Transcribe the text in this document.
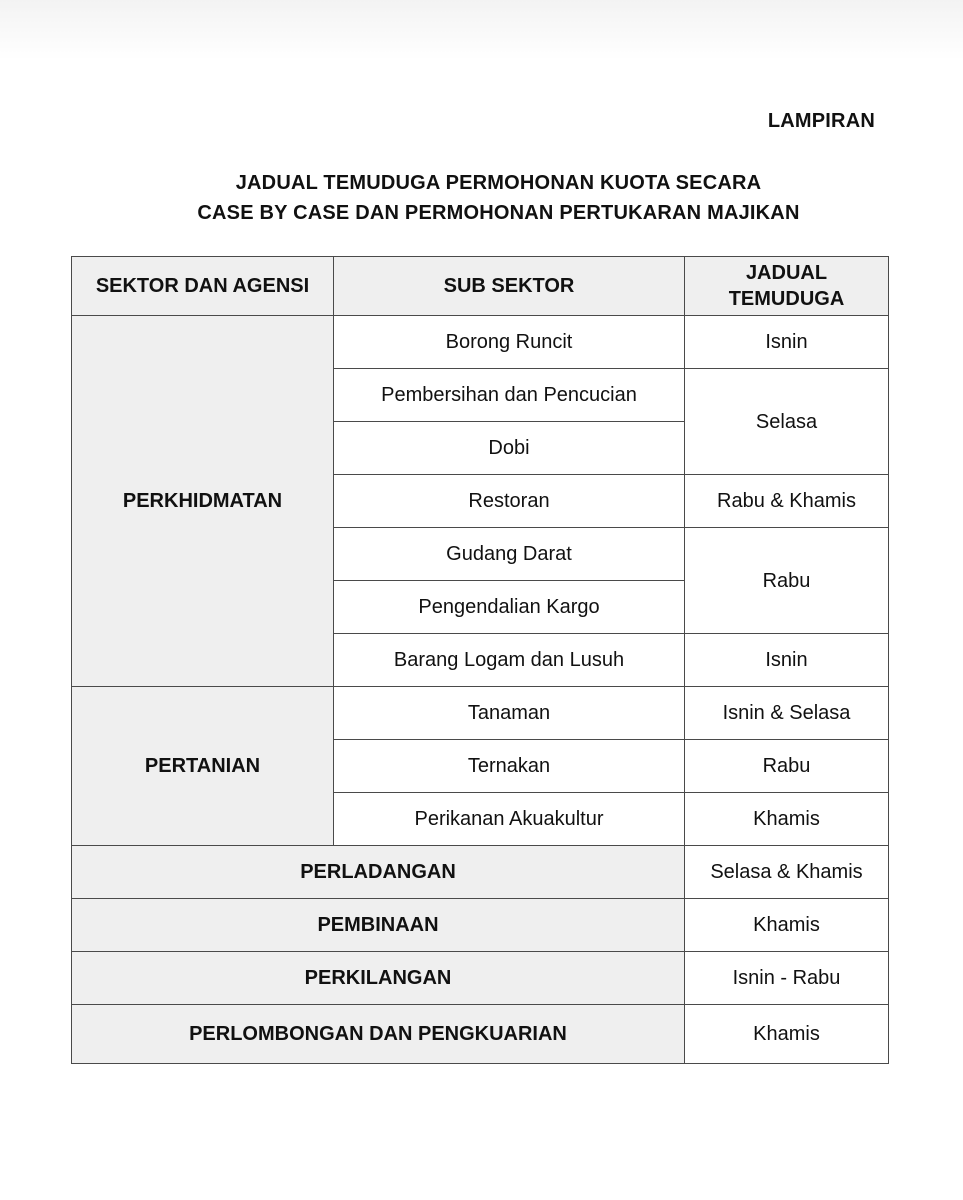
LAMPIRAN
JADUAL TEMUDUGA PERMOHONAN KUOTA SECARA
CASE BY CASE DAN PERMOHONAN PERTUKARAN MAJIKAN
SEKTOR DAN AGENSI	SUB SEKTOR	JADUAL
TEMUDUGA

PERKHIDMATAN	Borong Runcit	Isnin
	Pembersihan dan Pencucian	Selasa
	Dobi	
	Restoran	Rabu & Khamis
	Gudang Darat	Rabu
	Pengendalian Kargo	
	Barang Logam dan Lusuh	Isnin
PERTANIAN	Tanaman	Isnin & Selasa
	Ternakan	Rabu
	Perikanan Akuakultur	Khamis
PERLADANGAN		Selasa & Khamis
PEMBINAAN		Khamis
PERKILANGAN		Isnin - Rabu
PERLOMBONGAN DAN PENGKUARIAN		Khamis
